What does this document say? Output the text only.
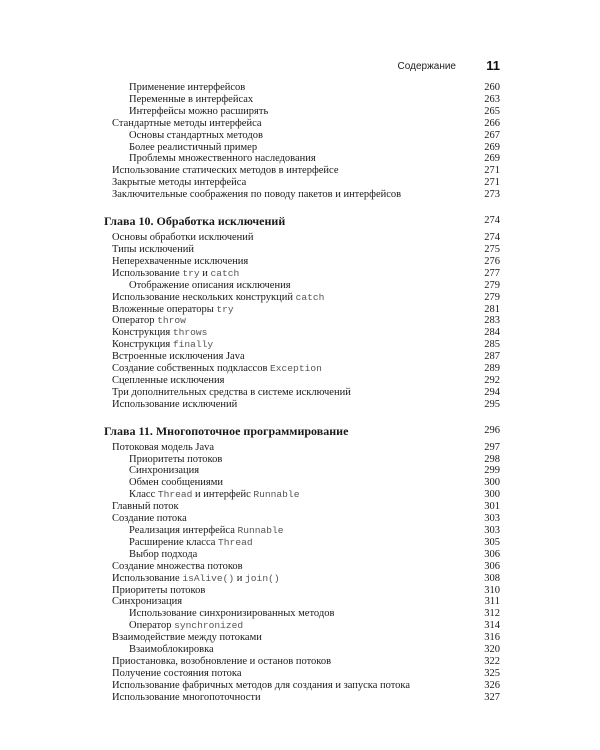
Содержание 11
Применение интерфейсов	260
Переменные в интерфейсах	263
Интерфейсы можно расширять	265
Стандартные методы интерфейса	266
Основы стандартных методов	267
Более реалистичный пример	269
Проблемы множественного наследования	269
Использование статических методов в интерфейсе	271
Закрытые методы интерфейса	271
Заключительные соображения по поводу пакетов и интерфейсов	273
Глава 10. Обработка исключений	274
Основы обработки исключений	274
Типы исключений	275
Неперехваченные исключения	276
Использование try и catch	277
Отображение описания исключения	279
Использование нескольких конструкций catch	279
Вложенные операторы try	281
Оператор throw	283
Конструкция throws	284
Конструкция finally	285
Встроенные исключения Java	287
Создание собственных подклассов Exception	289
Сцепленные исключения	292
Три дополнительных средства в системе исключений	294
Использование исключений	295
Глава 11. Многопоточное программирование	296
Потоковая модель Java	297
Приоритеты потоков	298
Синхронизация	299
Обмен сообщениями	300
Класс Thread и интерфейс Runnable	300
Главный поток	301
Создание потока	303
Реализация интерфейса Runnable	303
Расширение класса Thread	305
Выбор подхода	306
Создание множества потоков	306
Использование isAlive() и join()	308
Приоритеты потоков	310
Синхронизация	311
Использование синхронизированных методов	312
Оператор synchronized	314
Взаимодействие между потоками	316
Взаимоблокировка	320
Приостановка, возобновление и останов потоков	322
Получение состояния потока	325
Использование фабричных методов для создания и запуска потока	326
Использование многопоточности	327
